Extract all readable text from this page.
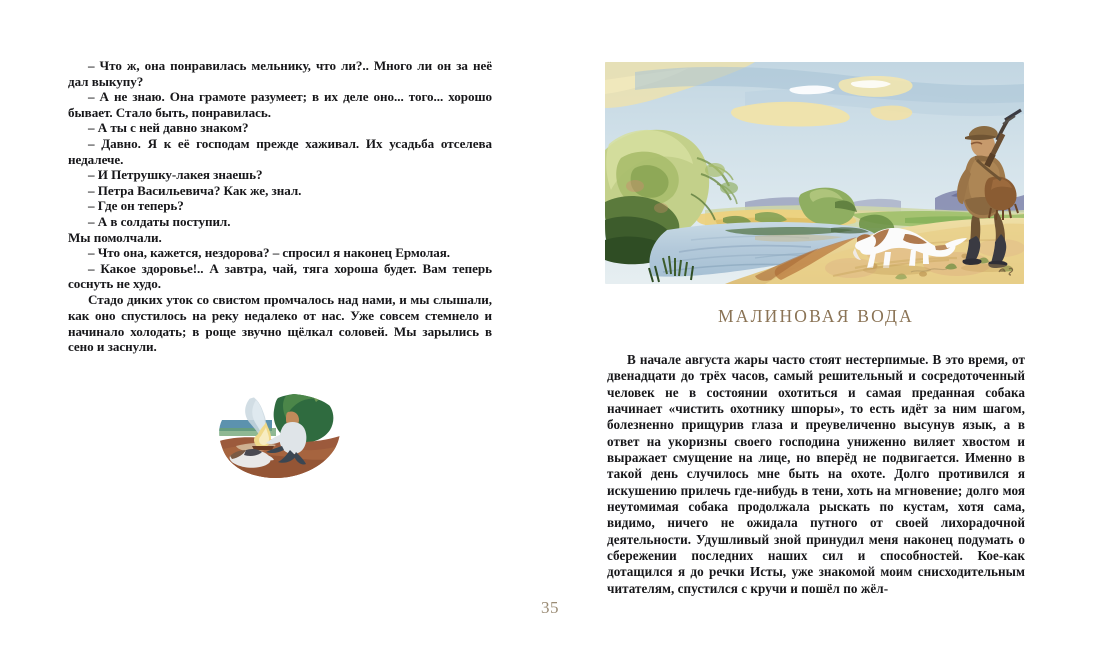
– Что ж, она понравилась мельнику, что ли?.. Много ли он за неё дал выкупу?

– А не знаю. Она грамоте разумеет; в их деле оно... того... хорошо бывает. Стало быть, понравилась.

– А ты с ней давно знаком?

– Давно. Я к её господам прежде хаживал. Их усадьба отселева недалече.

– И Петрушку-лакея знаешь?

– Петра Васильевича? Как же, знал.

– Где он теперь?

– А в солдаты поступил.

Мы помолчали.

– Что она, кажется, нездорова? – спросил я наконец Ермолая.

– Какое здоровье!.. А завтра, чай, тяга хороша будет. Вам теперь соснуть не худо.

Стадо диких уток со свистом промчалось над нами, и мы слышали, как оно спустилось на реку недалеко от нас. Уже совсем стемнело и начинало холодать; в роще звучно щёлкал соловей. Мы зарылись в сено и заснули.

МАЛИНОВАЯ ВОДА

В начале августа жары часто стоят нестерпимые. В это время, от двенадцати до трёх часов, самый решительный и сосредоточенный человек не в состоянии охотиться и самая преданная собака начинает «чистить охотнику шпоры», то есть идёт за ним шагом, болезненно прищурив глаза и преувеличенно высунув язык, а в ответ на укоризны своего господина униженно виляет хвостом и выражает смущение на лице, но вперёд не подвигается. Именно в такой день случилось мне быть на охоте. Долго противился я искушению прилечь где-нибудь в тени, хоть на мгновение; долго моя неутомимая собака продолжала рыскать по кустам, хотя сама, видимо, ничего не ожидала путного от своей лихорадочной деятельности. Удушливый зной принудил меня наконец подумать о сбережении последних наших сил и способностей. Кое-как дотащился я до речки Исты, уже знакомой моим снисходительным читателям, спустился с кручи и пошёл по жёл-

35
